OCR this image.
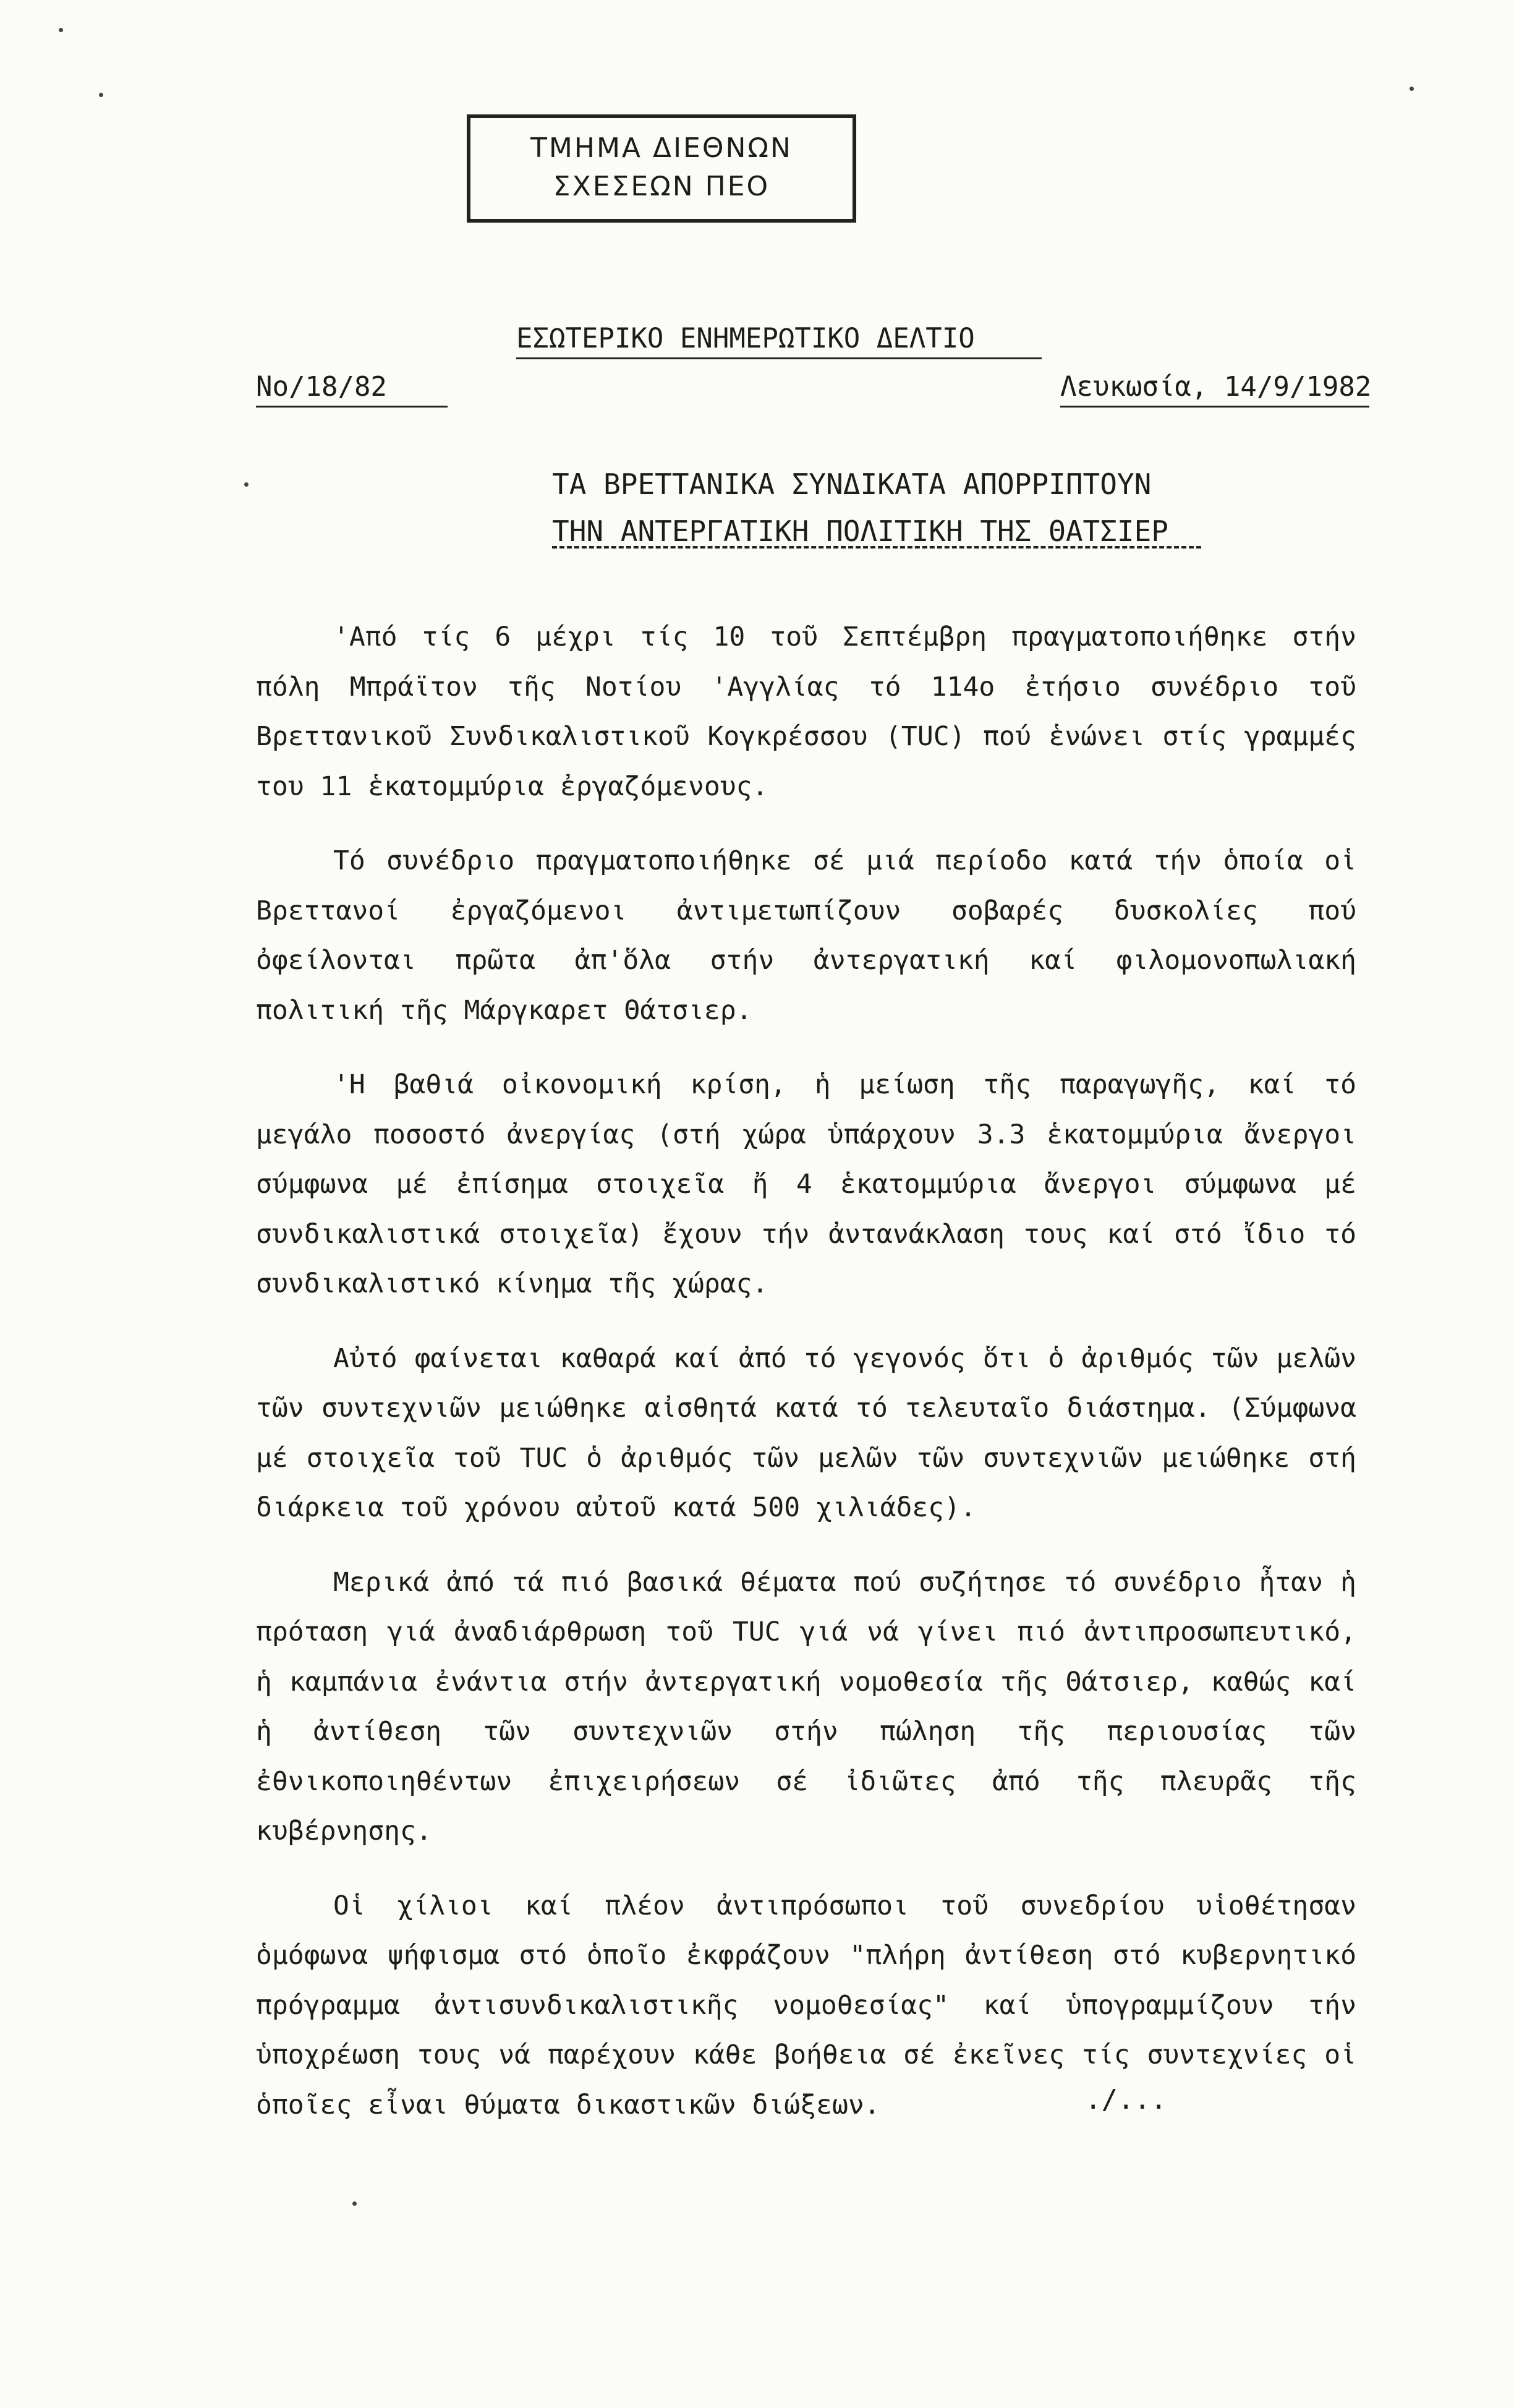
ΤΜΗΜΑ ΔΙΕΘΝΩΝ
ΣΧΕΣΕΩΝ ΠΕΟ
ΕΣΩΤΕΡΙΚΟ ΕΝΗΜΕΡΩΤΙΚΟ ΔΕΛΤΙΟ
Νο/18/82	Λευκωσία, 14/9/1982
ΤΑ ΒΡΕΤΤΑΝΙΚΑ ΣΥΝΔΙΚΑΤΑ ΑΠΟΡΡΙΠΤΟΥΝ
ΤΗΝ ΑΝΤΕΡΓΑΤΙΚΗ ΠΟΛΙΤΙΚΗ ΤΗΣ ΘΑΤΣΙΕΡ

'Από τίς 6 μέχρι τίς 10 τοῦ Σεπτέμβρη πραγματοποιήθηκε στήν πόλη Μπράϊτον τῆς Νοτίου 'Αγγλίας τό 114ο ἐτήσιο συνέδριο τοῦ Βρεττανικοῦ Συνδικαλιστικοῦ Κογκρέσσου (TUC) πού ἑνώνει στίς γραμμές του 11 ἑκατομμύρια ἐργαζόμενους.

Τό συνέδριο πραγματοποιήθηκε σέ μιά περίοδο κατά τήν ὁποία οἱ Βρεττανοί ἐργαζόμενοι ἀντιμετωπίζουν σοβαρές δυσκολίες πού ὀφείλονται πρῶτα ἀπ'ὅλα στήν ἀντεργατική καί φιλομονοπωλιακή πολιτική τῆς Μάργκαρετ Θάτσιερ.

'Η βαθιά οἰκονομική κρίση, ἡ μείωση τῆς παραγωγῆς, καί τό μεγάλο ποσοστό ἀνεργίας (στή χώρα ὑπάρχουν 3.3 ἑκατομμύρια ἄνεργοι σύμφωνα μέ ἐπίσημα στοιχεῖα ἤ 4 ἑκατομμύρια ἄνεργοι σύμφωνα μέ συνδικαλιστικά στοιχεῖα) ἔχουν τήν ἀντανάκλαση τους καί στό ἴδιο τό συνδικαλιστικό κίνημα τῆς χώρας.

Αὐτό φαίνεται καθαρά καί ἀπό τό γεγονός ὅτι ὁ ἀριθμός τῶν μελῶν τῶν συντεχνιῶν μειώθηκε αἰσθητά κατά τό τελευταῖο διάστημα. (Σύμφωνα μέ στοιχεῖα τοῦ TUC ὁ ἀριθμός τῶν μελῶν τῶν συντεχνιῶν μειώθηκε στή διάρκεια τοῦ χρόνου αὐτοῦ κατά 500 χιλιάδες).

Μερικά ἀπό τά πιό βασικά θέματα πού συζήτησε τό συνέδριο ἦταν ἡ πρόταση γιά ἀναδιάρθρωση τοῦ TUC γιά νά γίνει πιό ἀντιπροσωπευτικό, ἡ καμπάνια ἐνάντια στήν ἀντεργατική νομοθεσία τῆς Θάτσιερ, καθώς καί ἡ ἀντίθεση τῶν συντεχνιῶν στήν πώληση τῆς περιουσίας τῶν ἐθνικοποιηθέντων ἐπιχειρήσεων σέ ἰδιῶτες ἀπό τῆς πλευρᾶς τῆς κυβέρνησης.

Οἱ χίλιοι καί πλέον ἀντιπρόσωποι τοῦ συνεδρίου υἱοθέτησαν ὁμόφωνα ψήφισμα στό ὁποῖο ἐκφράζουν "πλήρη ἀντίθεση στό κυβερνητικό πρόγραμμα ἀντισυνδικαλιστικῆς νομοθεσίας" καί ὑπογραμμίζουν τήν ὑποχρέωση τους νά παρέχουν κάθε βοήθεια σέ ἐκεῖνες τίς συντεχνίες οἱ ὁποῖες εἶναι θύματα δικαστικῶν διώξεων.	./...
